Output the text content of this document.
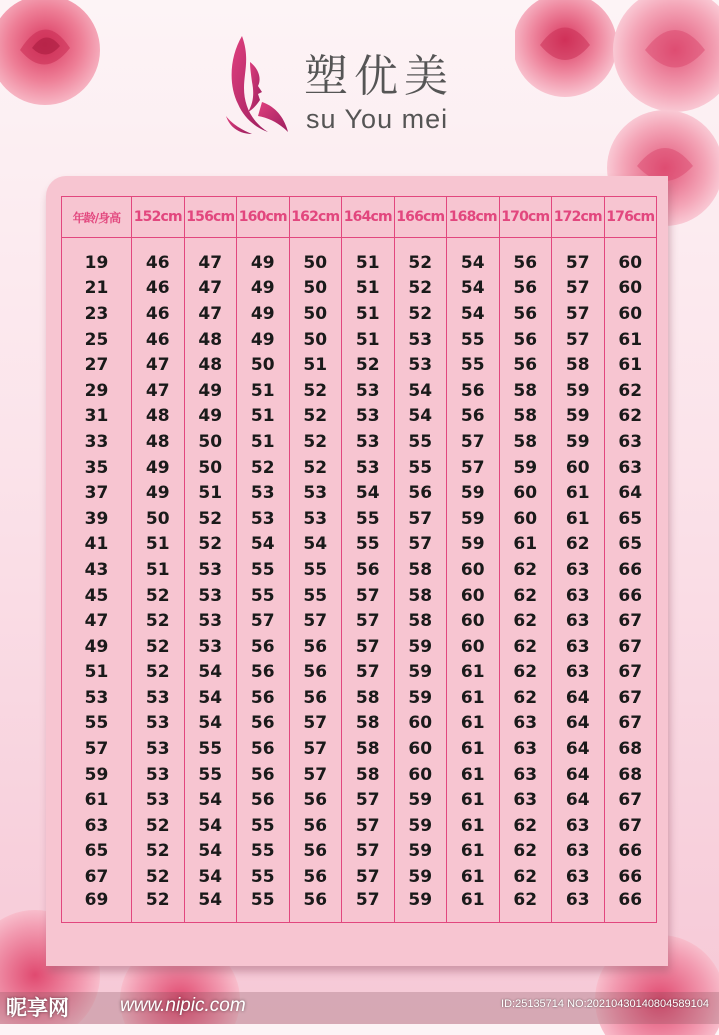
塑优美
su You mei
年龄/身高	152cm	156cm	160cm	162cm	164cm	166cm	168cm	170cm	172cm	176cm

19	46	47	49	50	51	52	54	56	57	60
21	46	47	49	50	51	52	54	56	57	60
23	46	47	49	50	51	52	54	56	57	60
25	46	48	49	50	51	53	55	56	57	61
27	47	48	50	51	52	53	55	56	58	61
29	47	49	51	52	53	54	56	58	59	62
31	48	49	51	52	53	54	56	58	59	62
33	48	50	51	52	53	55	57	58	59	63
35	49	50	52	52	53	55	57	59	60	63
37	49	51	53	53	54	56	59	60	61	64
39	50	52	53	53	55	57	59	60	61	65
41	51	52	54	54	55	57	59	61	62	65
43	51	53	55	55	56	58	60	62	63	66
45	52	53	55	55	57	58	60	62	63	66
47	52	53	57	57	57	58	60	62	63	67
49	52	53	56	56	57	59	60	62	63	67
51	52	54	56	56	57	59	61	62	63	67
53	53	54	56	56	58	59	61	62	64	67
55	53	54	56	57	58	60	61	63	64	67
57	53	55	56	57	58	60	61	63	64	68
59	53	55	56	57	58	60	61	63	64	68
61	53	54	56	56	57	59	61	63	64	67
63	52	54	55	56	57	59	61	62	63	67
65	52	54	55	56	57	59	61	62	63	66
67	52	54	55	56	57	59	61	62	63	66
69	52	54	55	56	57	59	61	62	63	66
昵享网	www.nipic.com	ID:25135714 NO:20210430140804589104
